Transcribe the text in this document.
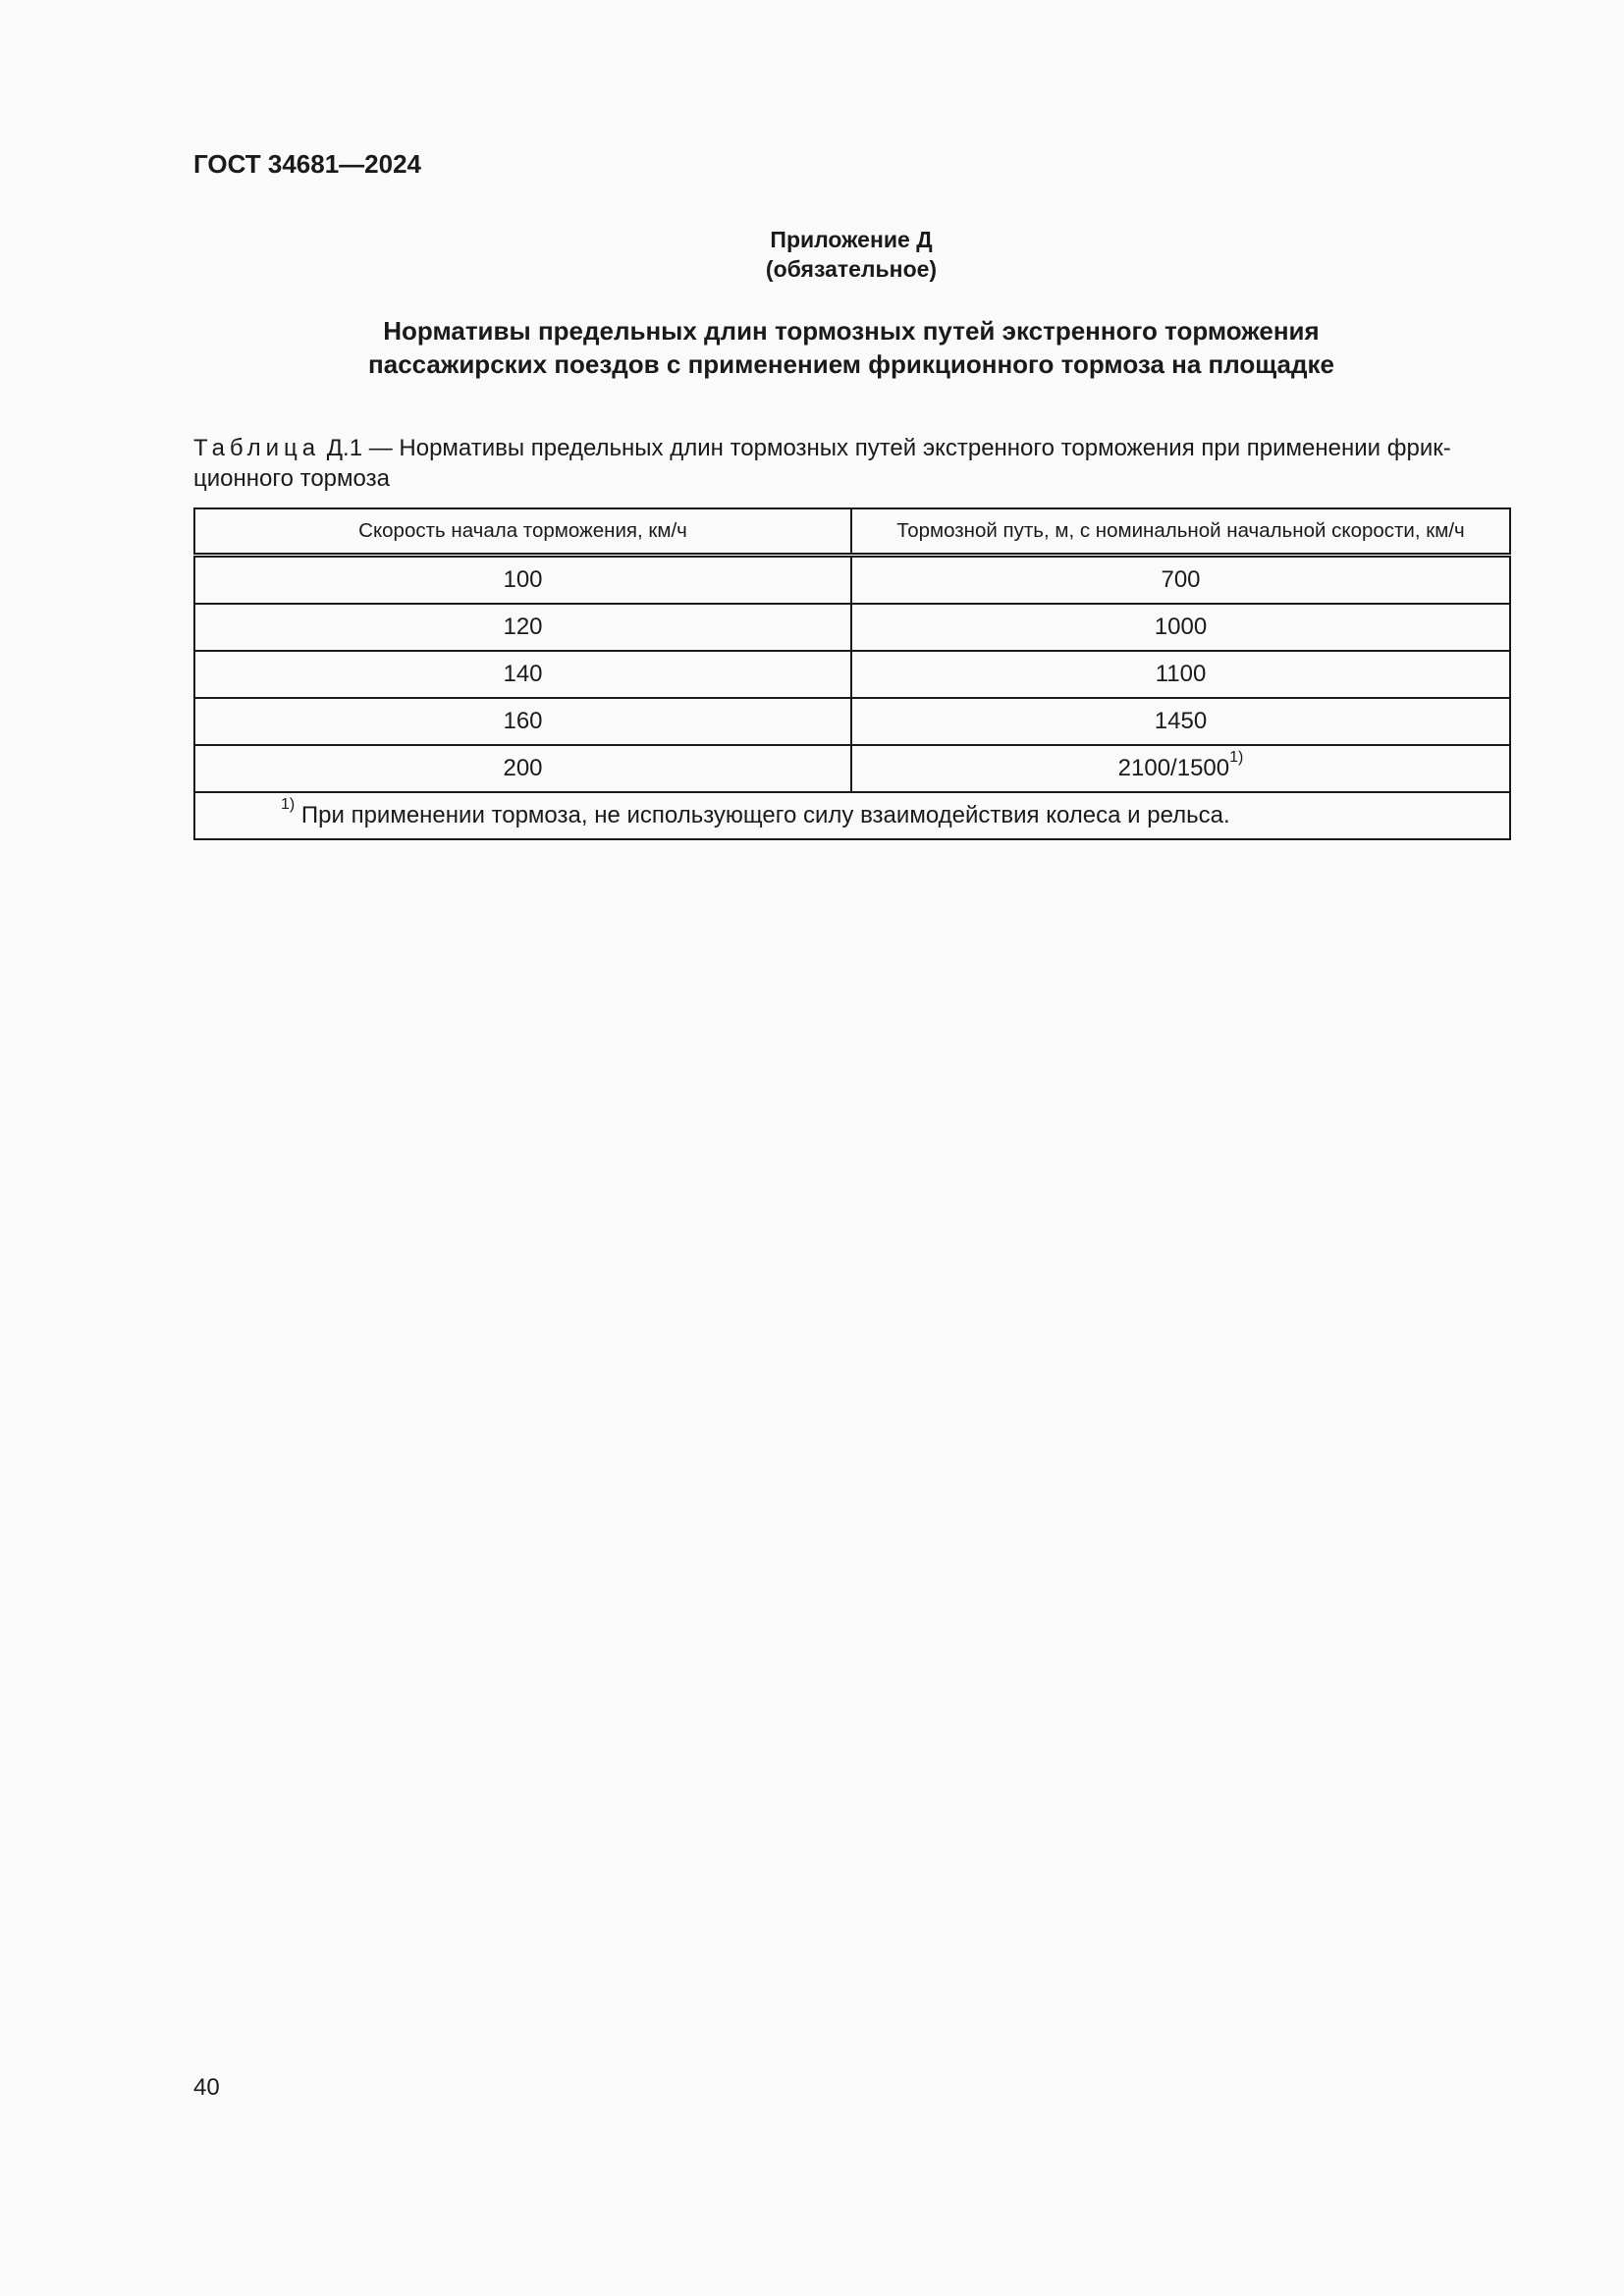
ГОСТ 34681—2024
Приложение Д
(обязательное)
Нормативы предельных длин тормозных путей экстренного торможения
пассажирских поездов с применением фрикционного тормоза на площадке
Таблица Д.1 — Нормативы предельных длин тормозных путей экстренного торможения при применении фрик-
ционного тормоза
Скорость начала торможения, км/ч	Тормозной путь, м, с номинальной начальной скорости, км/ч
100	700
120	1000
140	1100
160	1450
200	2100/1500$^{1)}$
$^{1)}$ При применении тормоза, не использующего силу взаимодействия колеса и рельса.	
40
